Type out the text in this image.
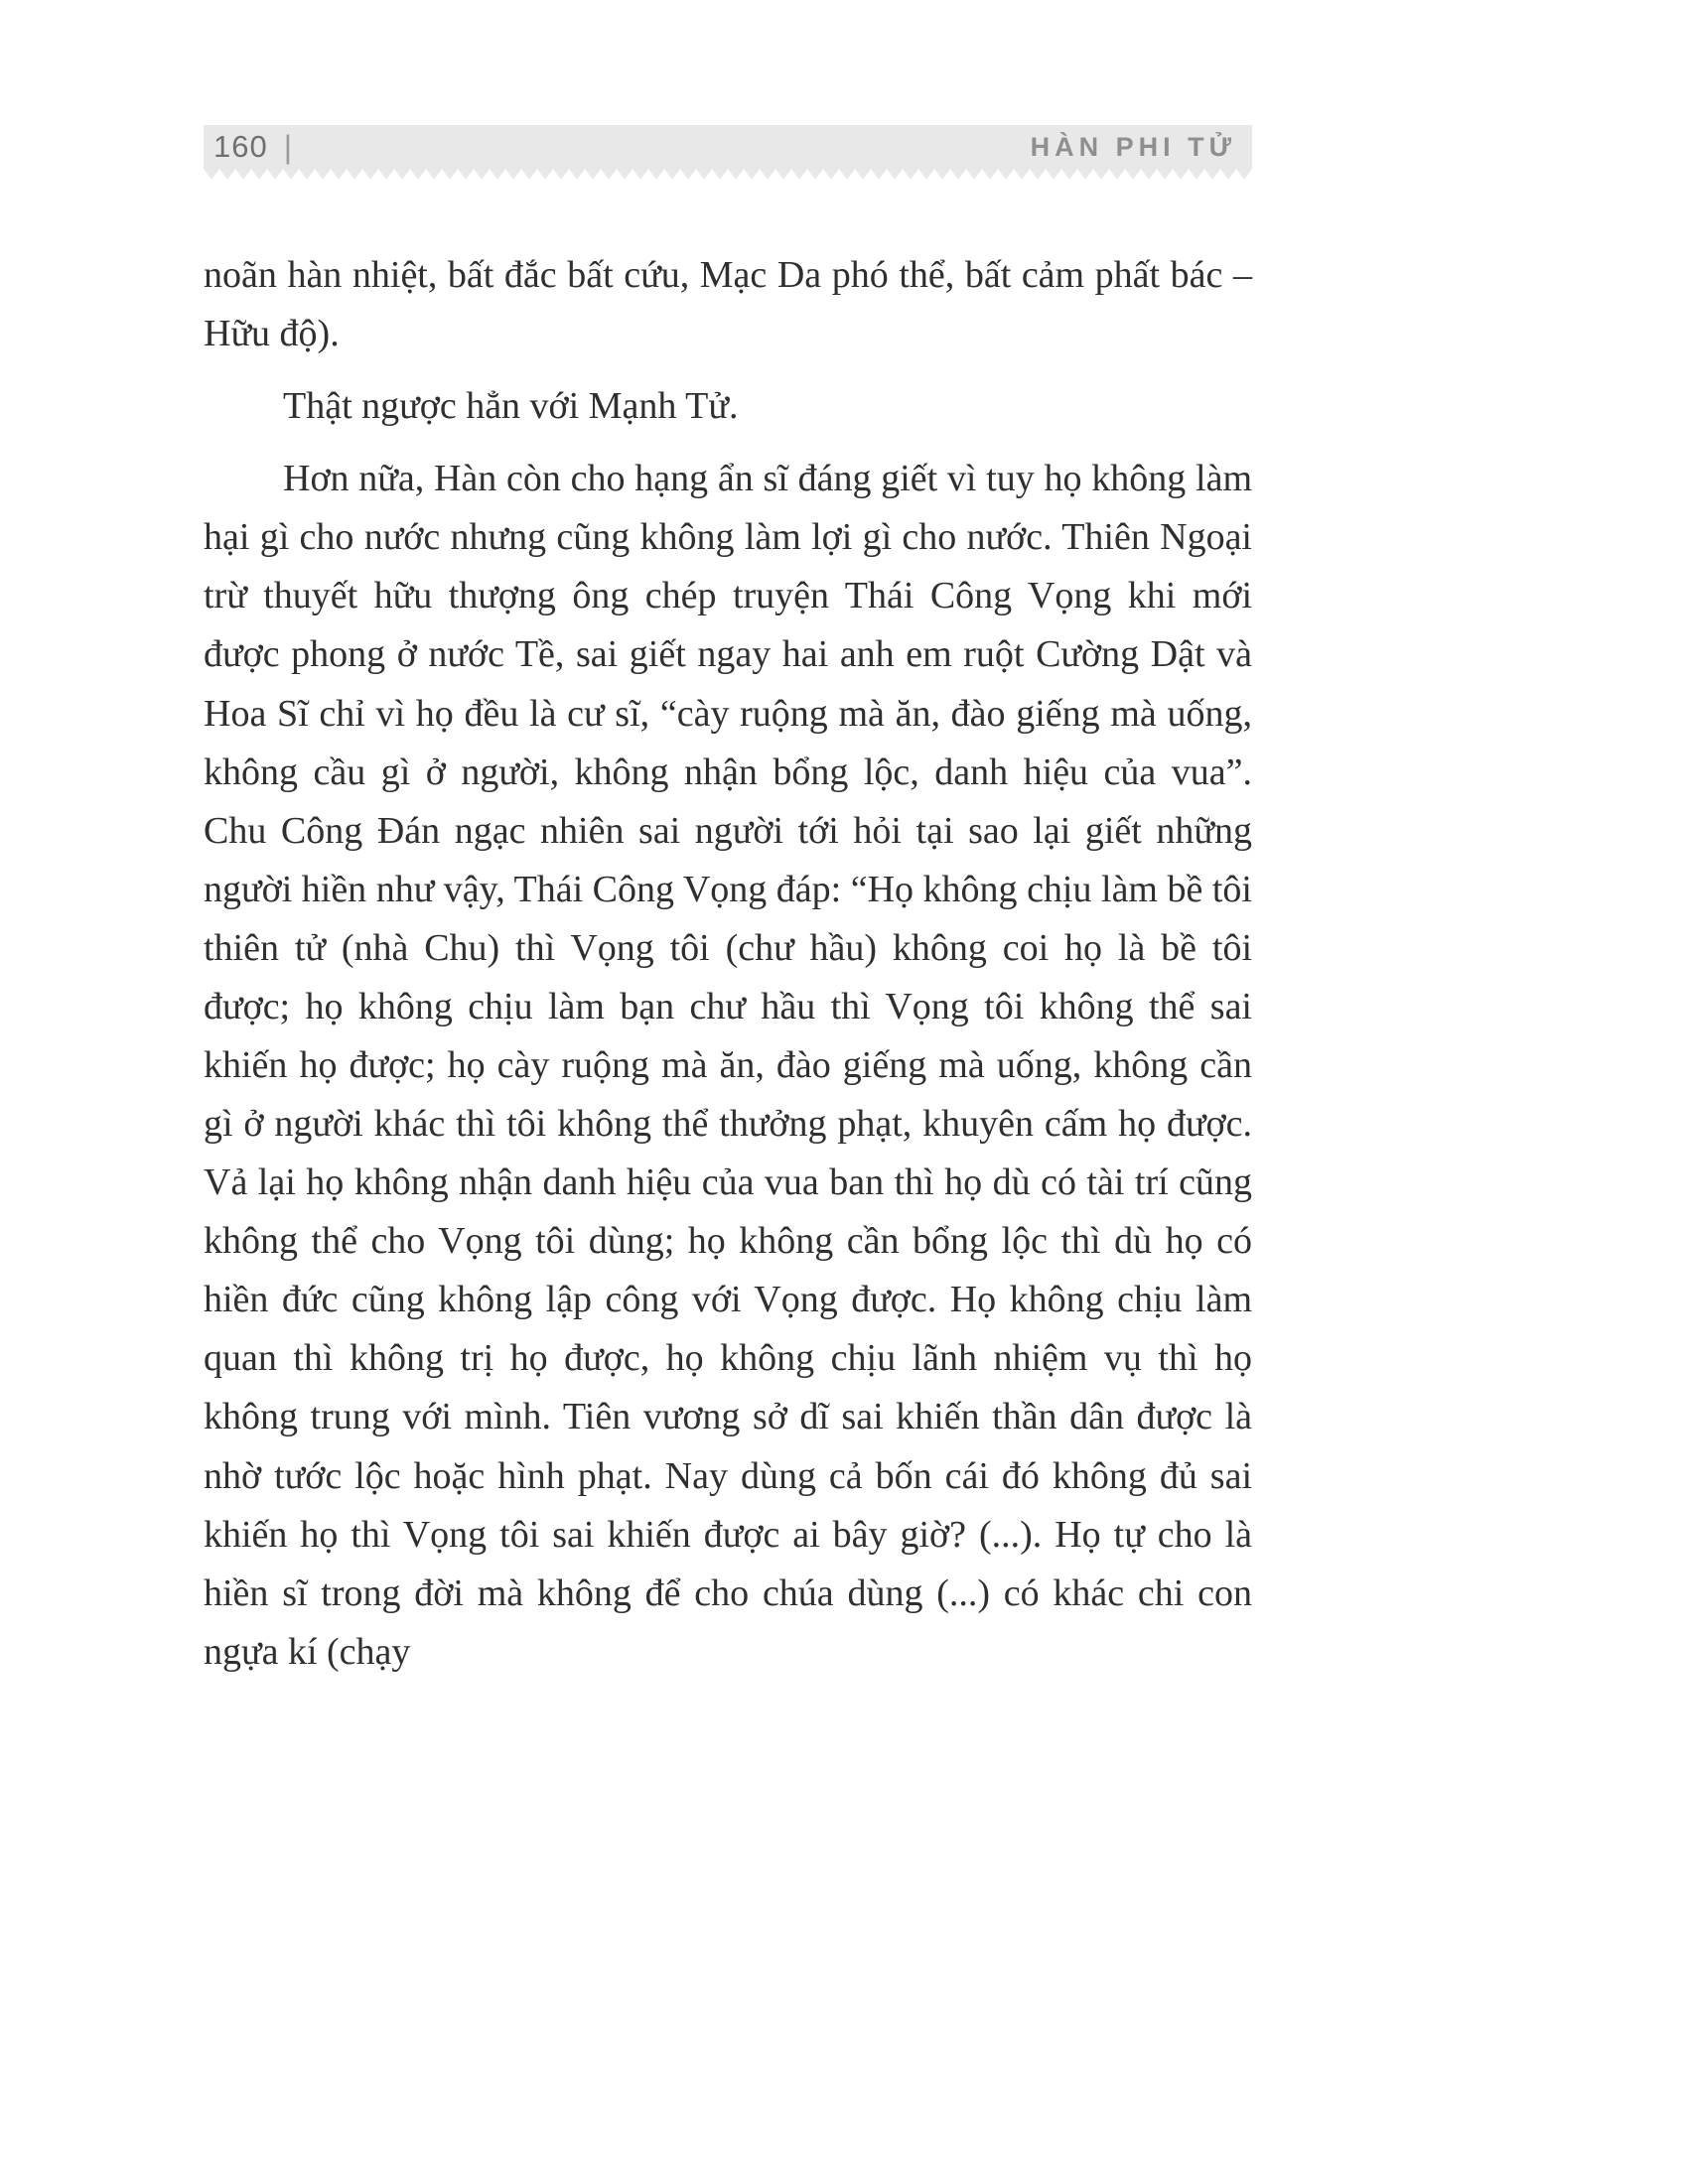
160 |	HÀN PHI TỬ

noãn hàn nhiệt, bất đắc bất cứu, Mạc Da phó thể, bất cảm phất bác – Hữu độ).

Thật ngược hẳn với Mạnh Tử.

Hơn nữa, Hàn còn cho hạng ẩn sĩ đáng giết vì tuy họ không làm hại gì cho nước nhưng cũng không làm lợi gì cho nước. Thiên Ngoại trừ thuyết hữu thượng ông chép truyện Thái Công Vọng khi mới được phong ở nước Tề, sai giết ngay hai anh em ruột Cường Dật và Hoa Sĩ chỉ vì họ đều là cư sĩ, “cày ruộng mà ăn, đào giếng mà uống, không cầu gì ở người, không nhận bổng lộc, danh hiệu của vua”. Chu Công Đán ngạc nhiên sai người tới hỏi tại sao lại giết những người hiền như vậy, Thái Công Vọng đáp: “Họ không chịu làm bề tôi thiên tử (nhà Chu) thì Vọng tôi (chư hầu) không coi họ là bề tôi được; họ không chịu làm bạn chư hầu thì Vọng tôi không thể sai khiến họ được; họ cày ruộng mà ăn, đào giếng mà uống, không cần gì ở người khác thì tôi không thể thưởng phạt, khuyên cấm họ được. Vả lại họ không nhận danh hiệu của vua ban thì họ dù có tài trí cũng không thể cho Vọng tôi dùng; họ không cần bổng lộc thì dù họ có hiền đức cũng không lập công với Vọng được. Họ không chịu làm quan thì không trị họ được, họ không chịu lãnh nhiệm vụ thì họ không trung với mình. Tiên vương sở dĩ sai khiến thần dân được là nhờ tước lộc hoặc hình phạt. Nay dùng cả bốn cái đó không đủ sai khiến họ thì Vọng tôi sai khiến được ai bây giờ? (...). Họ tự cho là hiền sĩ trong đời mà không để cho chúa dùng (...) có khác chi con ngựa kí (chạy
